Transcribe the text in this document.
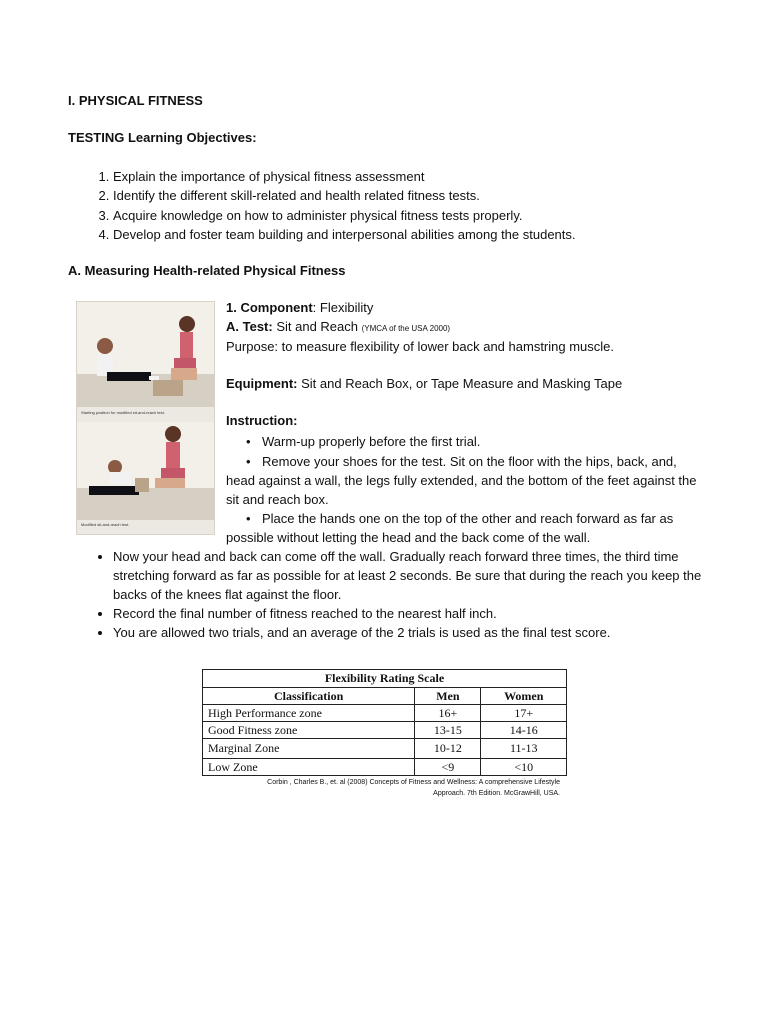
I. PHYSICAL FITNESS
TESTING Learning Objectives:
1. Explain the importance of physical fitness assessment
2. Identify the different skill-related and health related fitness tests.
3. Acquire knowledge on how to administer physical fitness tests properly.
4. Develop and foster team building and interpersonal abilities among the students.
A. Measuring Health-related Physical Fitness
Starting position for modified sit-and-reach test.
Modified sit-and-reach test.
1. Component: Flexibility
A. Test: Sit and Reach (YMCA of the USA 2000)
Purpose: to measure flexibility of lower back and hamstring muscle.
Equipment: Sit and Reach Box, or Tape Measure and Masking Tape
Instruction:
• Warm-up properly before the first trial.
• Remove your shoes for the test. Sit on the floor with the hips, back, and, head against a wall, the legs fully extended, and the bottom of the feet against the sit and reach box.
• Place the hands one on the top of the other and reach forward as far as possible without letting the head and the back come of the wall.
• Now your head and back can come off the wall. Gradually reach forward three times, the third time stretching forward as far as possible for at least 2 seconds. Be sure that during the reach you keep the backs of the knees flat against the floor.
• Record the final number of fitness reached to the nearest half inch.
• You are allowed two trials, and an average of the 2 trials is used as the final test score.
Flexibility Rating Scale		
Classification	Men	Women
High Performance zone	16+	17+
Good Fitness zone	13-15	14-16
Marginal Zone	10-12	11-13
Low Zone	<9	<10
Corbin , Charles B., et. al (2008) Concepts of Fitness and Wellness: A comprehensive Lifestyle
Approach. 7th Edition. McGrawHill, USA.
